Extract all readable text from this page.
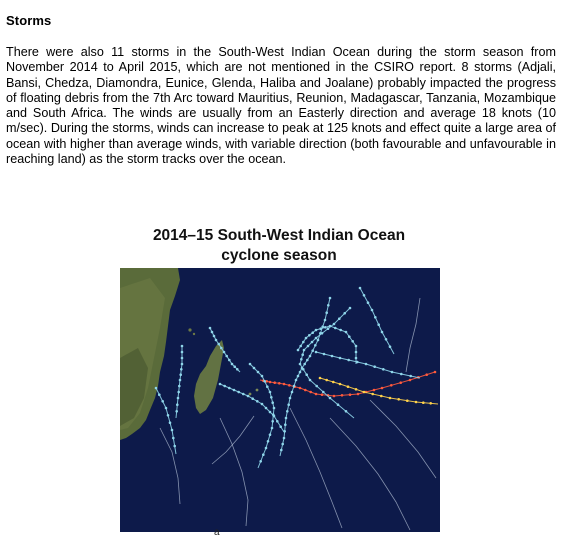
Storms
There were also 11 storms in the South-West Indian Ocean during the storm season from November 2014 to April 2015, which are not mentioned in the CSIRO report. 8 storms (Adjali, Bansi, Chedza, Diamondra, Eunice, Glenda, Haliba and Joalane) probably impacted the progress of floating debris from the 7th Arc toward Mauritius, Reunion, Madagascar, Tanzania, Mozambique and South Africa. The winds are usually from an Easterly direction and average 18 knots (10 m/sec). During the storms, winds can increase to peak at 125 knots and effect quite a large area of ocean with higher than average winds, with variable direction (both favourable and unfavourable in reaching land) as the storm tracks over the ocean.
2014–15 South-West Indian Ocean
cyclone season
a
